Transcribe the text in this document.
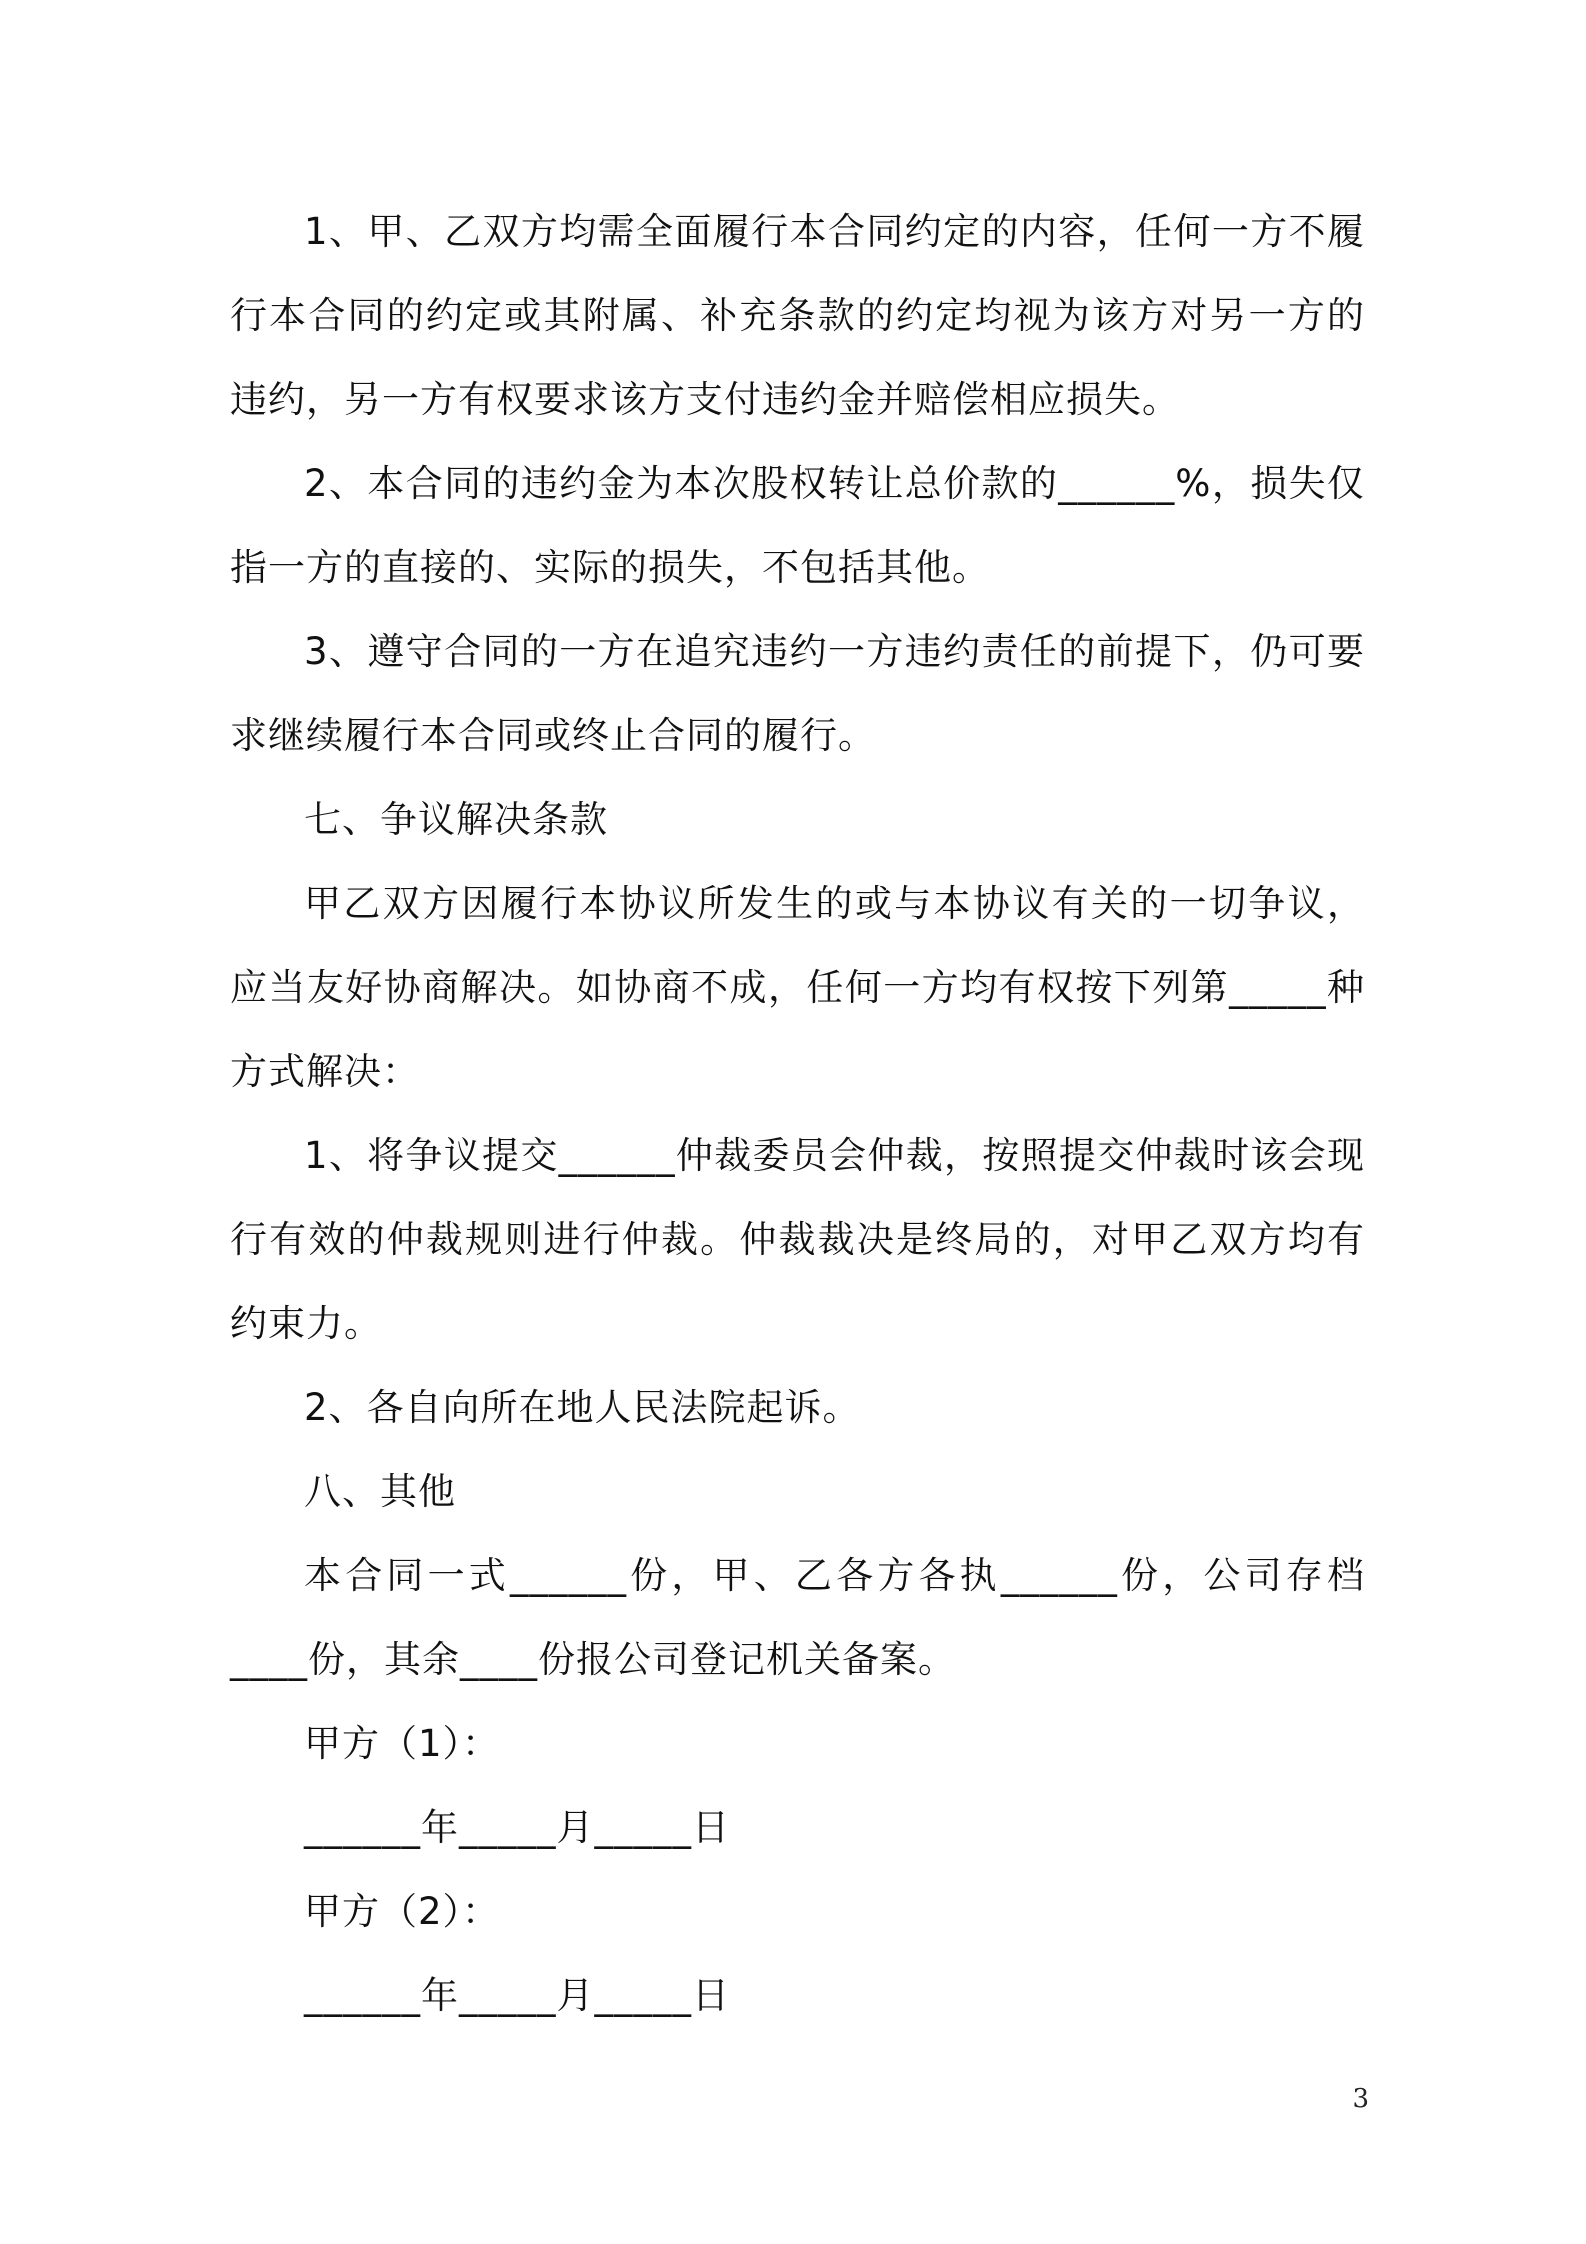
1、甲、乙双方均需全面履行本合同约定的内容，任何一方不履行本合同的约定或其附属、补充条款的约定均视为该方对另一方的违约，另一方有权要求该方支付违约金并赔偿相应损失。

2、本合同的违约金为本次股权转让总价款的______%，损失仅指一方的直接的、实际的损失，不包括其他。

3、遵守合同的一方在追究违约一方违约责任的前提下，仍可要求继续履行本合同或终止合同的履行。

七、争议解决条款

甲乙双方因履行本协议所发生的或与本协议有关的一切争议，应当友好协商解决。如协商不成，任何一方均有权按下列第_____种方式解决：

1、将争议提交______仲裁委员会仲裁，按照提交仲裁时该会现行有效的仲裁规则进行仲裁。仲裁裁决是终局的，对甲乙双方均有约束力。

2、各自向所在地人民法院起诉。

八、其他

本合同一式______份，甲、乙各方各执______份，公司存档____份，其余____份报公司登记机关备案。

甲方（1）：

______年_____月_____日

甲方（2）：

______年_____月_____日

3
